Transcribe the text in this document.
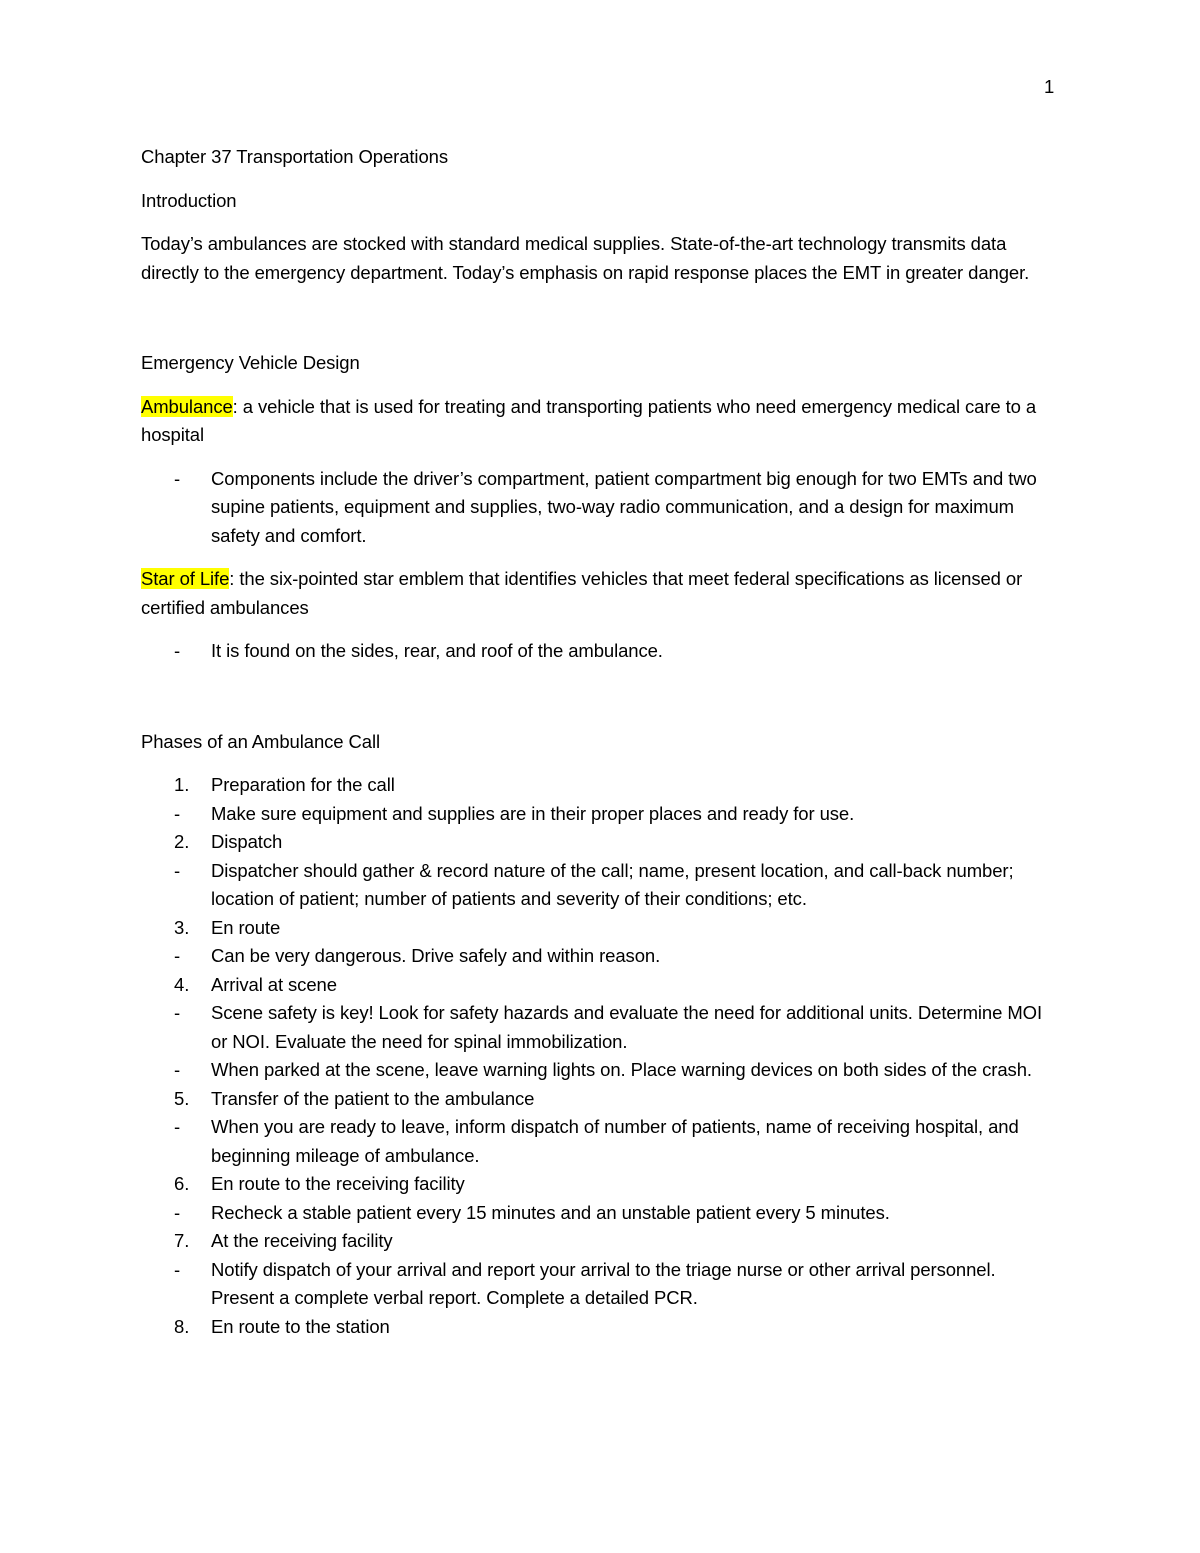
1

Chapter 37 Transportation Operations

Introduction

Today’s ambulances are stocked with standard medical supplies. State-of-the-art technology transmits data directly to the emergency department. Today’s emphasis on rapid response places the EMT in greater danger.

Emergency Vehicle Design

Ambulance: a vehicle that is used for treating and transporting patients who need emergency medical care to a hospital

-	Components include the driver’s compartment, patient compartment big enough for two EMTs and two supine patients, equipment and supplies, two-way radio communication, and a design for maximum safety and comfort.

Star of Life: the six-pointed star emblem that identifies vehicles that meet federal specifications as licensed or certified ambulances

-	It is found on the sides, rear, and roof of the ambulance.

Phases of an Ambulance Call

1.	Preparation for the call
-	Make sure equipment and supplies are in their proper places and ready for use.
2.	Dispatch
-	Dispatcher should gather & record nature of the call; name, present location, and call-back number; location of patient; number of patients and severity of their conditions; etc.
3.	En route
-	Can be very dangerous. Drive safely and within reason.
4.	Arrival at scene
-	Scene safety is key! Look for safety hazards and evaluate the need for additional units. Determine MOI or NOI. Evaluate the need for spinal immobilization.
-	When parked at the scene, leave warning lights on. Place warning devices on both sides of the crash.
5.	Transfer of the patient to the ambulance
-	When you are ready to leave, inform dispatch of number of patients, name of receiving hospital, and beginning mileage of ambulance.
6.	En route to the receiving facility
-	Recheck a stable patient every 15 minutes and an unstable patient every 5 minutes.
7.	At the receiving facility
-	Notify dispatch of your arrival and report your arrival to the triage nurse or other arrival personnel. Present a complete verbal report. Complete a detailed PCR.
8.	En route to the station
